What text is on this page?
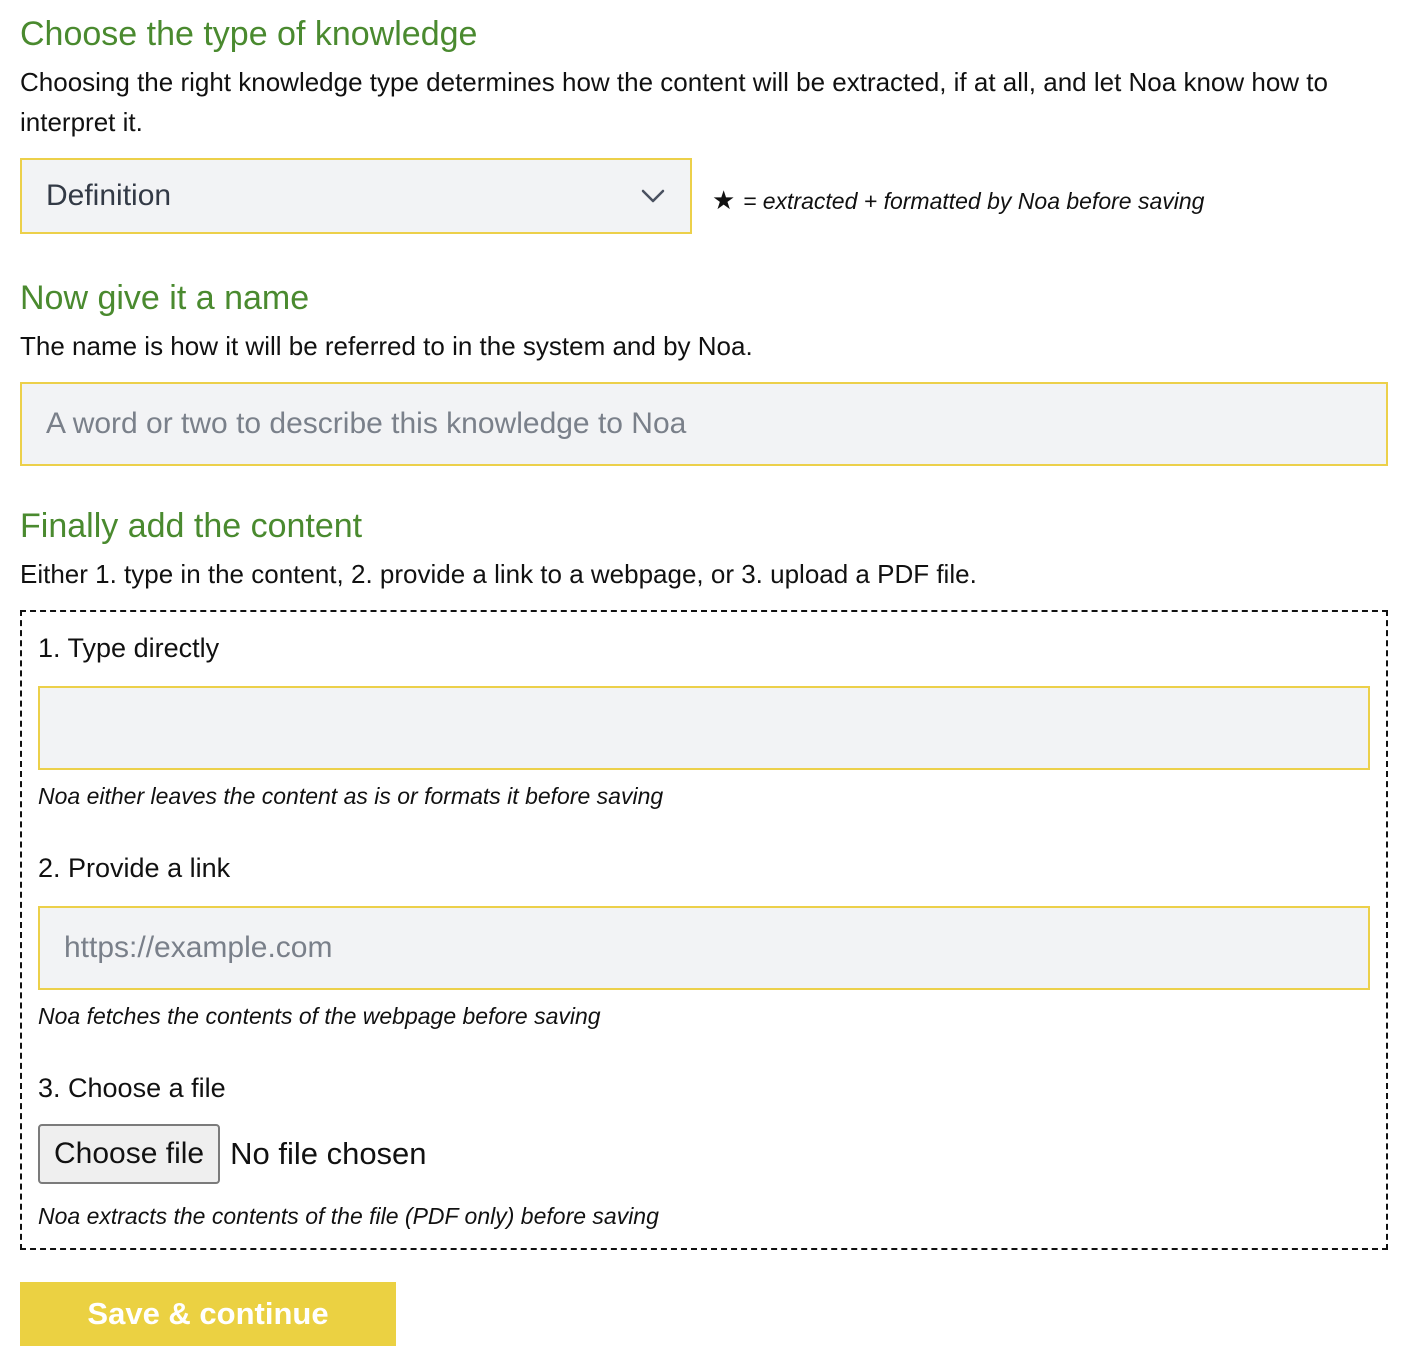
Choose the type of knowledge

Choosing the right knowledge type determines how the content will be extracted, if at all, and let Noa know how to interpret it.

Definition	★ = extracted + formatted by Noa before saving
Now give it a name

The name is how it will be referred to in the system and by Noa.

A word or two to describe this knowledge to Noa
Finally add the content

Either 1. type in the content, 2. provide a link to a webpage, or 3. upload a PDF file.

1. Type directly
Noa either leaves the content as is or formats it before saving
2. Provide a link
https://example.com
Noa fetches the contents of the webpage before saving
3. Choose a file
Choose file No file chosen
Noa extracts the contents of the file (PDF only) before saving
Save & continue
